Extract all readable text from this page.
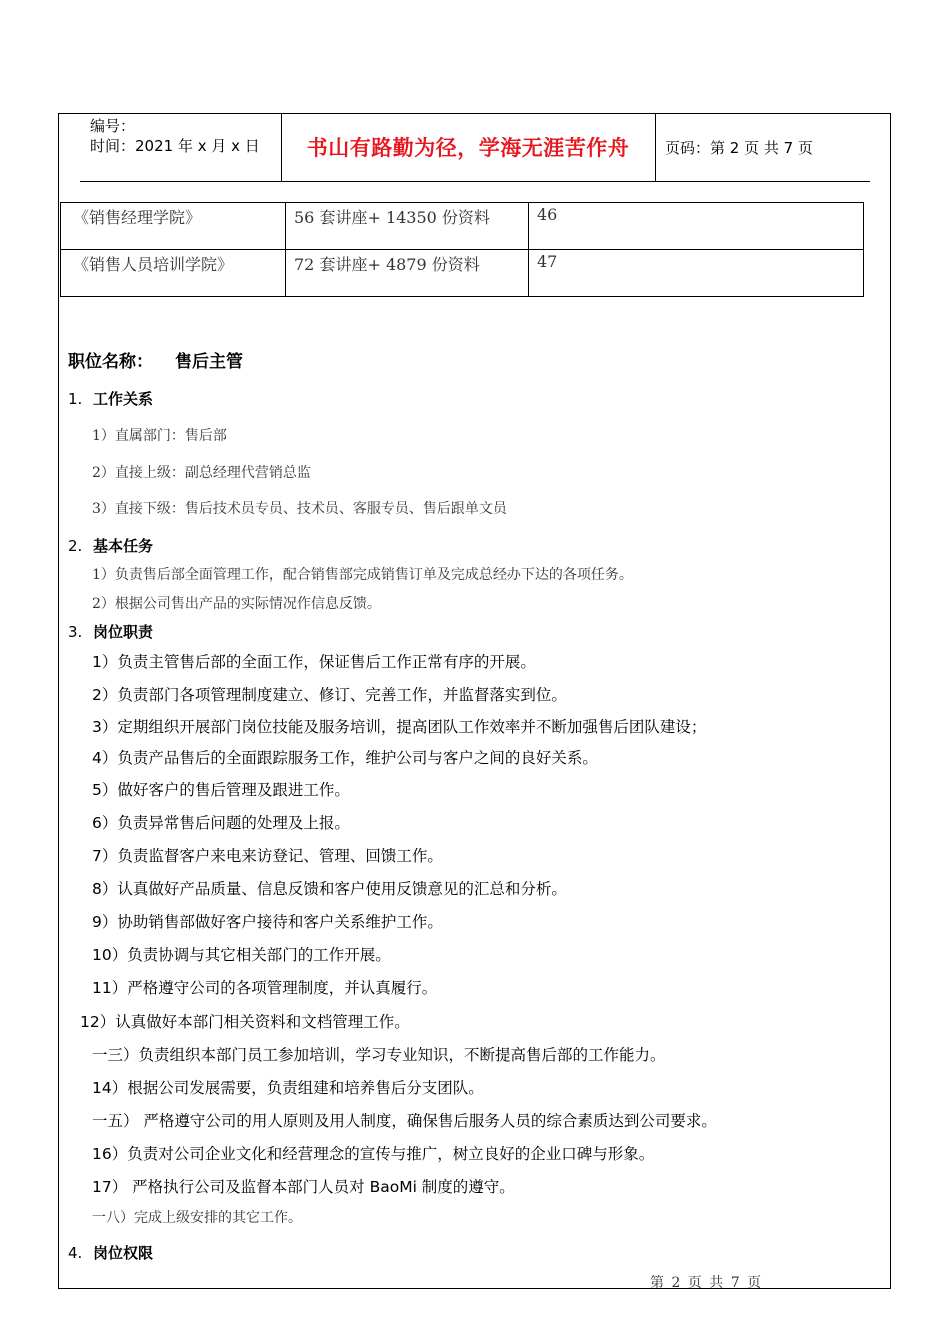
编号：
时间：2021 年 x 月 x 日	书山有路勤为径，学海无涯苦作舟	页码：第 2 页 共 7 页
《销售经理学院》	56 套讲座+ 14350 份资料	46
《销售人员培训学院》	72 套讲座+ 4879 份资料	47
职位名称： 售后主管
1. 工作关系
1）直属部门：售后部
2）直接上级：副总经理代营销总监
3）直接下级：售后技术员专员、技术员、客服专员、售后跟单文员
2. 基本任务
1）负责售后部全面管理工作，配合销售部完成销售订单及完成总经办下达的各项任务。
2）根据公司售出产品的实际情况作信息反馈。
3. 岗位职责
1）负责主管售后部的全面工作，保证售后工作正常有序的开展。
2）负责部门各项管理制度建立、修订、完善工作，并监督落实到位。
3）定期组织开展部门岗位技能及服务培训，提高团队工作效率并不断加强售后团队建设；
4）负责产品售后的全面跟踪服务工作，维护公司与客户之间的良好关系。
5）做好客户的售后管理及跟进工作。
6）负责异常售后问题的处理及上报。
7）负责监督客户来电来访登记、管理、回馈工作。
8）认真做好产品质量、信息反馈和客户使用反馈意见的汇总和分析。
9）协助销售部做好客户接待和客户关系维护工作。
10）负责协调与其它相关部门的工作开展。
11）严格遵守公司的各项管理制度，并认真履行。
12）认真做好本部门相关资料和文档管理工作。
一三）负责组织本部门员工参加培训，学习专业知识，不断提高售后部的工作能力。
14）根据公司发展需要，负责组建和培养售后分支团队。
一五） 严格遵守公司的用人原则及用人制度，确保售后服务人员的综合素质达到公司要求。
16）负责对公司企业文化和经营理念的宣传与推广，树立良好的企业口碑与形象。
17） 严格执行公司及监督本部门人员对 BaoMi 制度的遵守。
一八）完成上级安排的其它工作。
4. 岗位权限
第 2 页 共 7 页
